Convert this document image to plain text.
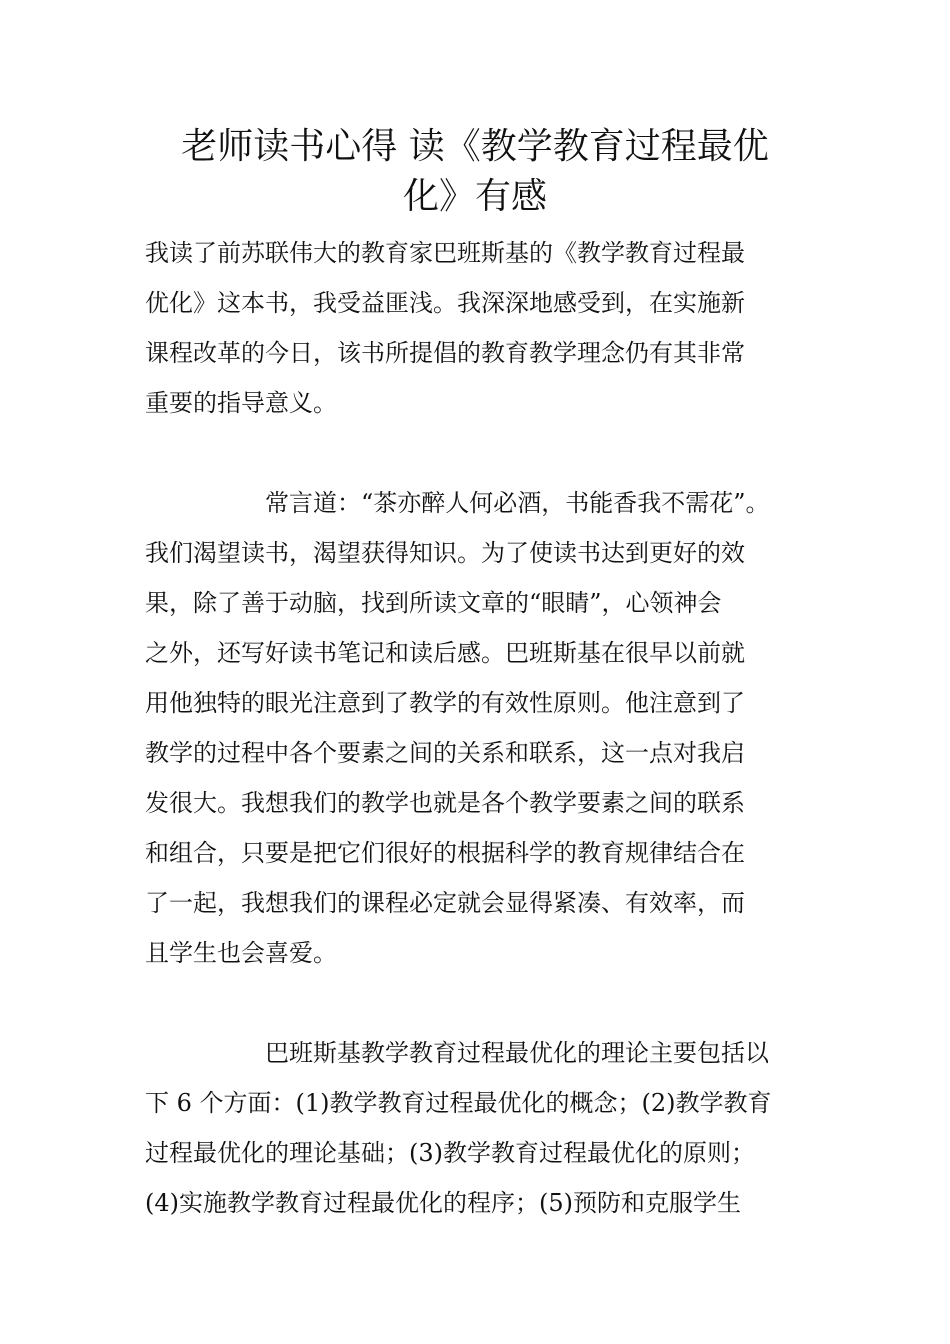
老师读书心得 读《教学教育过程最优
化》有感
我读了前苏联伟大的教育家巴班斯基的《教学教育过程最
优化》这本书，我受益匪浅。我深深地感受到，在实施新
课程改革的今日，该书所提倡的教育教学理念仍有其非常
重要的指导意义。
常言道：“茶亦醉人何必酒，书能香我不需花”。
我们渴望读书，渴望获得知识。为了使读书达到更好的效
果，除了善于动脑，找到所读文章的“眼睛”，心领神会
之外，还写好读书笔记和读后感。巴班斯基在很早以前就
用他独特的眼光注意到了教学的有效性原则。他注意到了
教学的过程中各个要素之间的关系和联系，这一点对我启
发很大。我想我们的教学也就是各个教学要素之间的联系
和组合，只要是把它们很好的根据科学的教育规律结合在
了一起，我想我们的课程必定就会显得紧凑、有效率，而
且学生也会喜爱。
巴班斯基教学教育过程最优化的理论主要包括以
下 6 个方面：(1)教学教育过程最优化的概念；(2)教学教育
过程最优化的理论基础；(3)教学教育过程最优化的原则；
(4)实施教学教育过程最优化的程序；(5)预防和克服学生
